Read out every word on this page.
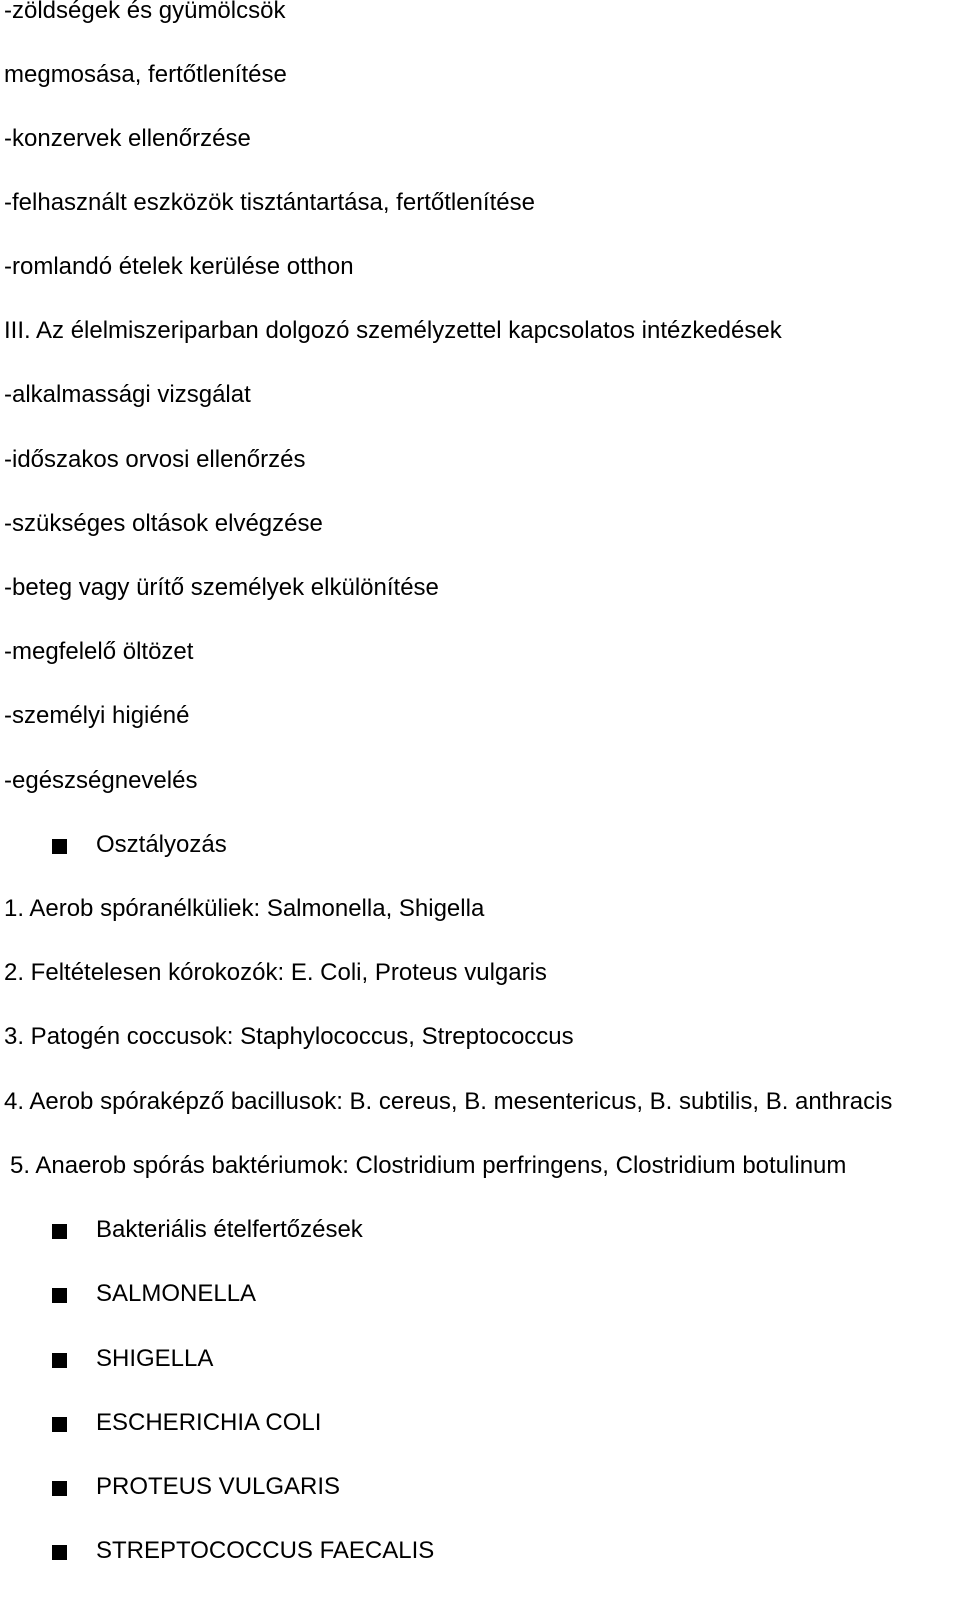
-zöldségek és gyümölcsök
megmosása, fertőtlenítése
-konzervek ellenőrzése
-felhasznált eszközök tisztántartása, fertőtlenítése
-romlandó ételek kerülése otthon
III. Az élelmiszeriparban dolgozó személyzettel kapcsolatos intézkedések
-alkalmassági vizsgálat
-időszakos orvosi ellenőrzés
-szükséges oltások elvégzése
-beteg vagy ürítő személyek elkülönítése
-megfelelő öltözet
-személyi higiéné
-egészségnevelés
Osztályozás
1. Aerob spóranélküliek: Salmonella, Shigella
2. Feltételesen kórokozók: E. Coli, Proteus vulgaris
3. Patogén coccusok: Staphylococcus, Streptococcus
4. Aerob spóraképző bacillusok: B. cereus, B. mesentericus, B. subtilis, B. anthracis
5. Anaerob spórás baktériumok: Clostridium perfringens, Clostridium botulinum
Bakteriális ételfertőzések
SALMONELLA
SHIGELLA
ESCHERICHIA COLI
PROTEUS VULGARIS
STREPTOCOCCUS FAECALIS
